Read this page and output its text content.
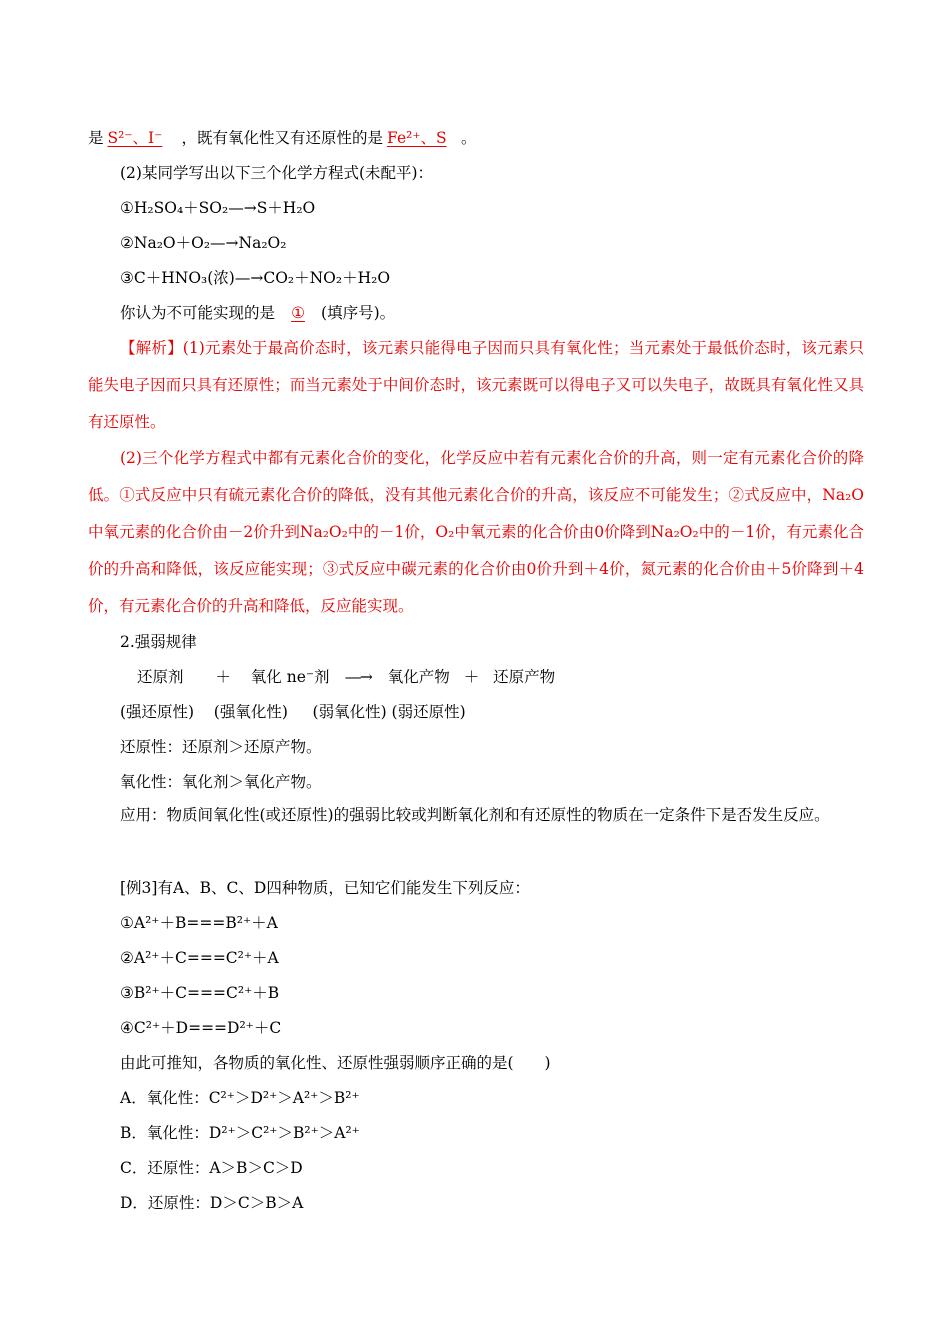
是 S²⁻、I⁻ ，既有氧化性又有还原性的是 Fe²⁺、S 。
(2)某同学写出以下三个化学方程式(未配平)：
①H₂SO₄＋SO₂—→S＋H₂O
②Na₂O＋O₂—→Na₂O₂
③C＋HNO₃(浓)—→CO₂＋NO₂＋H₂O
你认为不可能实现的是 ① (填序号)。
【解析】(1)元素处于最高价态时，该元素只能得电子因而只具有氧化性；当元素处于最低价态时，该元素只能失电子因而只具有还原性；而当元素处于中间价态时，该元素既可以得电子又可以失电子，故既具有氧化性又具有还原性。
(2)三个化学方程式中都有元素化合价的变化，化学反应中若有元素化合价的升高，则一定有元素化合价的降低。①式反应中只有硫元素化合价的降低，没有其他元素化合价的升高，该反应不可能发生；②式反应中，Na₂O中氧元素的化合价由－2价升到Na₂O₂中的－1价，O₂中氧元素的化合价由0价降到Na₂O₂中的－1价，有元素化合价的升高和降低，该反应能实现；③式反应中碳元素的化合价由0价升到＋4价，氮元素的化合价由＋5价降到＋4价，有元素化合价的升高和降低，反应能实现。
2.强弱规律
还原剂 ＋ 氧化 ne⁻剂 ―→ 氧化产物 ＋ 还原产物
(强还原性)    (强氧化性)     (弱氧化性) (弱还原性)
还原性：还原剂＞还原产物。
氧化性：氧化剂＞氧化产物。
应用：物质间氧化性(或还原性)的强弱比较或判断氧化剂和有还原性的物质在一定条件下是否发生反应。
[例3]有A、B、C、D四种物质，已知它们能发生下列反应：
①A²⁺＋B===B²⁺＋A
②A²⁺＋C===C²⁺＋A
③B²⁺＋C===C²⁺＋B
④C²⁺＋D===D²⁺＋C
由此可推知，各物质的氧化性、还原性强弱顺序正确的是(　　)
A．氧化性：C²⁺＞D²⁺＞A²⁺＞B²⁺
B．氧化性：D²⁺＞C²⁺＞B²⁺＞A²⁺
C．还原性：A＞B＞C＞D
D．还原性：D＞C＞B＞A
